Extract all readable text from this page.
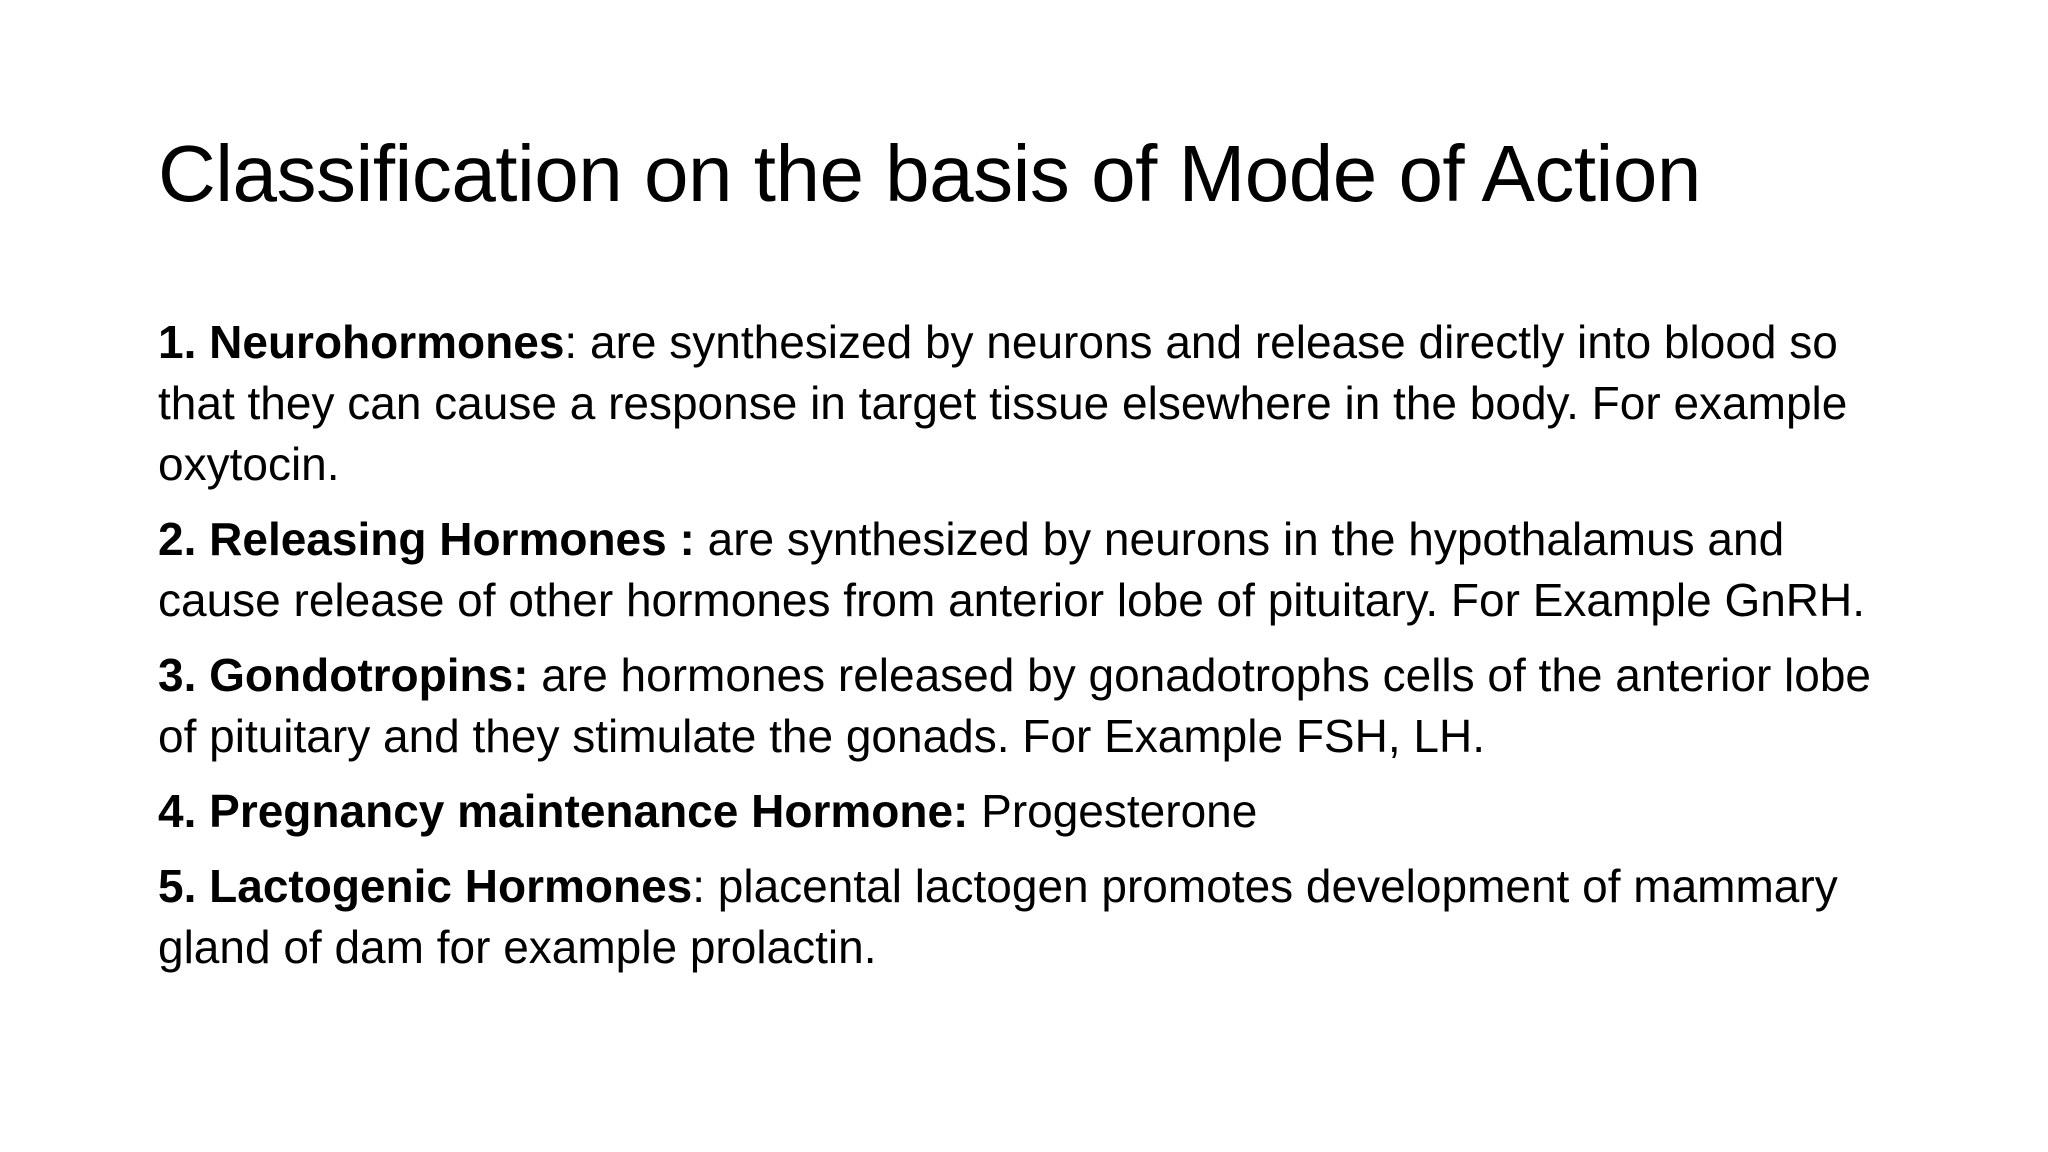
Classification on the basis of Mode of Action
1. Neurohormones: are synthesized by neurons and release directly into blood so that they can cause a response in target tissue elsewhere in the body. For example oxytocin.
2. Releasing Hormones : are synthesized by neurons in the hypothalamus and cause release of other hormones from anterior lobe of pituitary. For Example GnRH.
3. Gondotropins: are hormones released by gonadotrophs cells of the anterior lobe of pituitary and they stimulate the gonads. For Example FSH, LH.
4. Pregnancy maintenance Hormone: Progesterone
5. Lactogenic Hormones: placental lactogen promotes development of mammary gland of dam for example prolactin.
